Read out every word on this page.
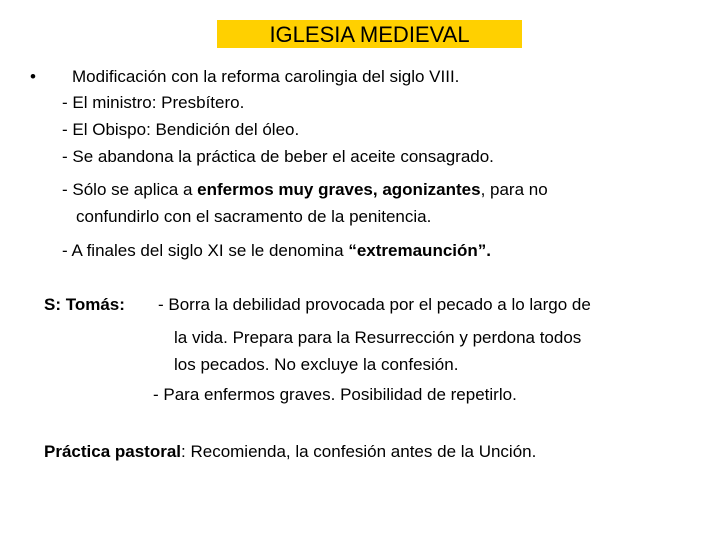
IGLESIA MEDIEVAL
• Modificación con la reforma carolingia del siglo VIII.
- El ministro: Presbítero.
- El Obispo: Bendición del óleo.
- Se abandona la práctica de beber el aceite consagrado.
- Sólo se aplica a enfermos muy graves, agonizantes, para no
confundirlo con el sacramento de la penitencia.
- A finales del siglo XI se le denomina “extremaunción”.
S: Tomás: - Borra la debilidad provocada por el pecado a lo largo de
la vida. Prepara para la Resurrección y perdona todos
los pecados. No excluye la confesión.
- Para enfermos graves. Posibilidad de repetirlo.
Práctica pastoral: Recomienda, la confesión antes de la Unción.
